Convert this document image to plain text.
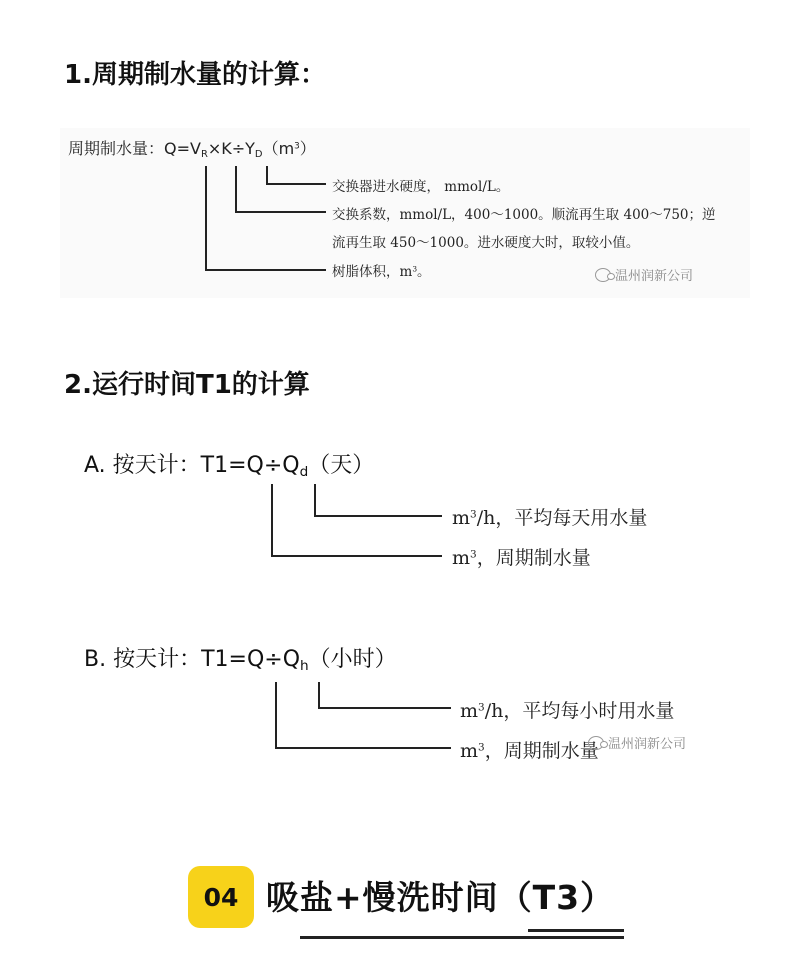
1.周期制水量的计算：
周期制水量：$Q=V_R\times K\div Y_D(m^3)$
交换器进水硬度， mmol/L。
交换系数，mmol/L，400～1000。顺流再生取 400～750；逆
流再生取 450～1000。进水硬度大时，取较小值。
树脂体积，$m^3$。	温州润新公司
2.运行时间T1的计算
A. 按天计：$T1=Q\div Q_d$（天）
$m^3/h$，平均每天用水量
$m^3$，周期制水量
B. 按天计：$T1=Q\div Q_h$（小时）
$m^3/h$，平均每小时用水量
$m^3$，周期制水量 温州润新公司
04 吸盐+慢洗时间（T3）
